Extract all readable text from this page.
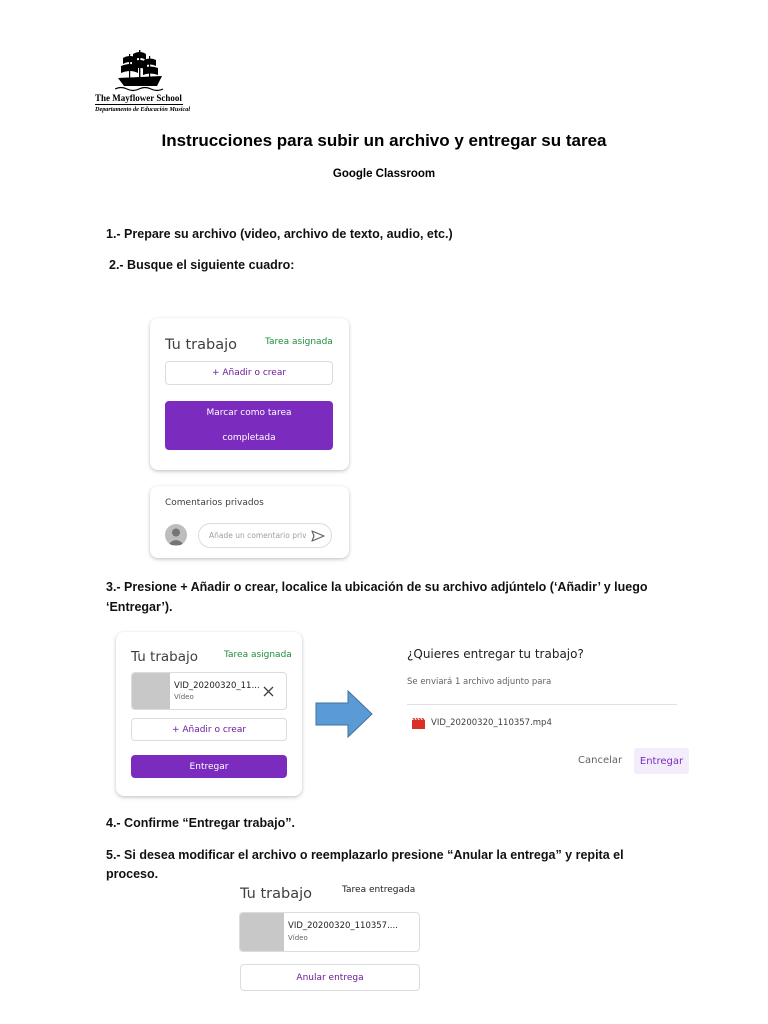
The Mayflower School
Departamento de Educación Musical
Instrucciones para subir un archivo y entregar su tarea
Google Classroom
1.- Prepare su archivo (video, archivo de texto, audio, etc.)
2.- Busque el siguiente cuadro:
Tu trabajo	Tarea asignada
+ Añadir o crear
Marcar como tarea
completada
Comentarios privados
Añade un comentario priv
3.- Presione + Añadir o crear, localice la ubicación de su archivo adjúntelo (‘Añadir’ y luego
‘Entregar’).
Tu trabajo	Tarea asignada
VID_20200320_11...
Vídeo
+ Añadir o crear
Entregar
¿Quieres entregar tu trabajo?
Se enviará 1 archivo adjunto para
VID_20200320_110357.mp4
Cancelar	Entregar
4.- Confirme “Entregar trabajo”.
5.- Si desea modificar el archivo o reemplazarlo presione “Anular la entrega” y repita el
proceso.
Tu trabajo	Tarea entregada
VID_20200320_110357....
Vídeo
Anular entrega
